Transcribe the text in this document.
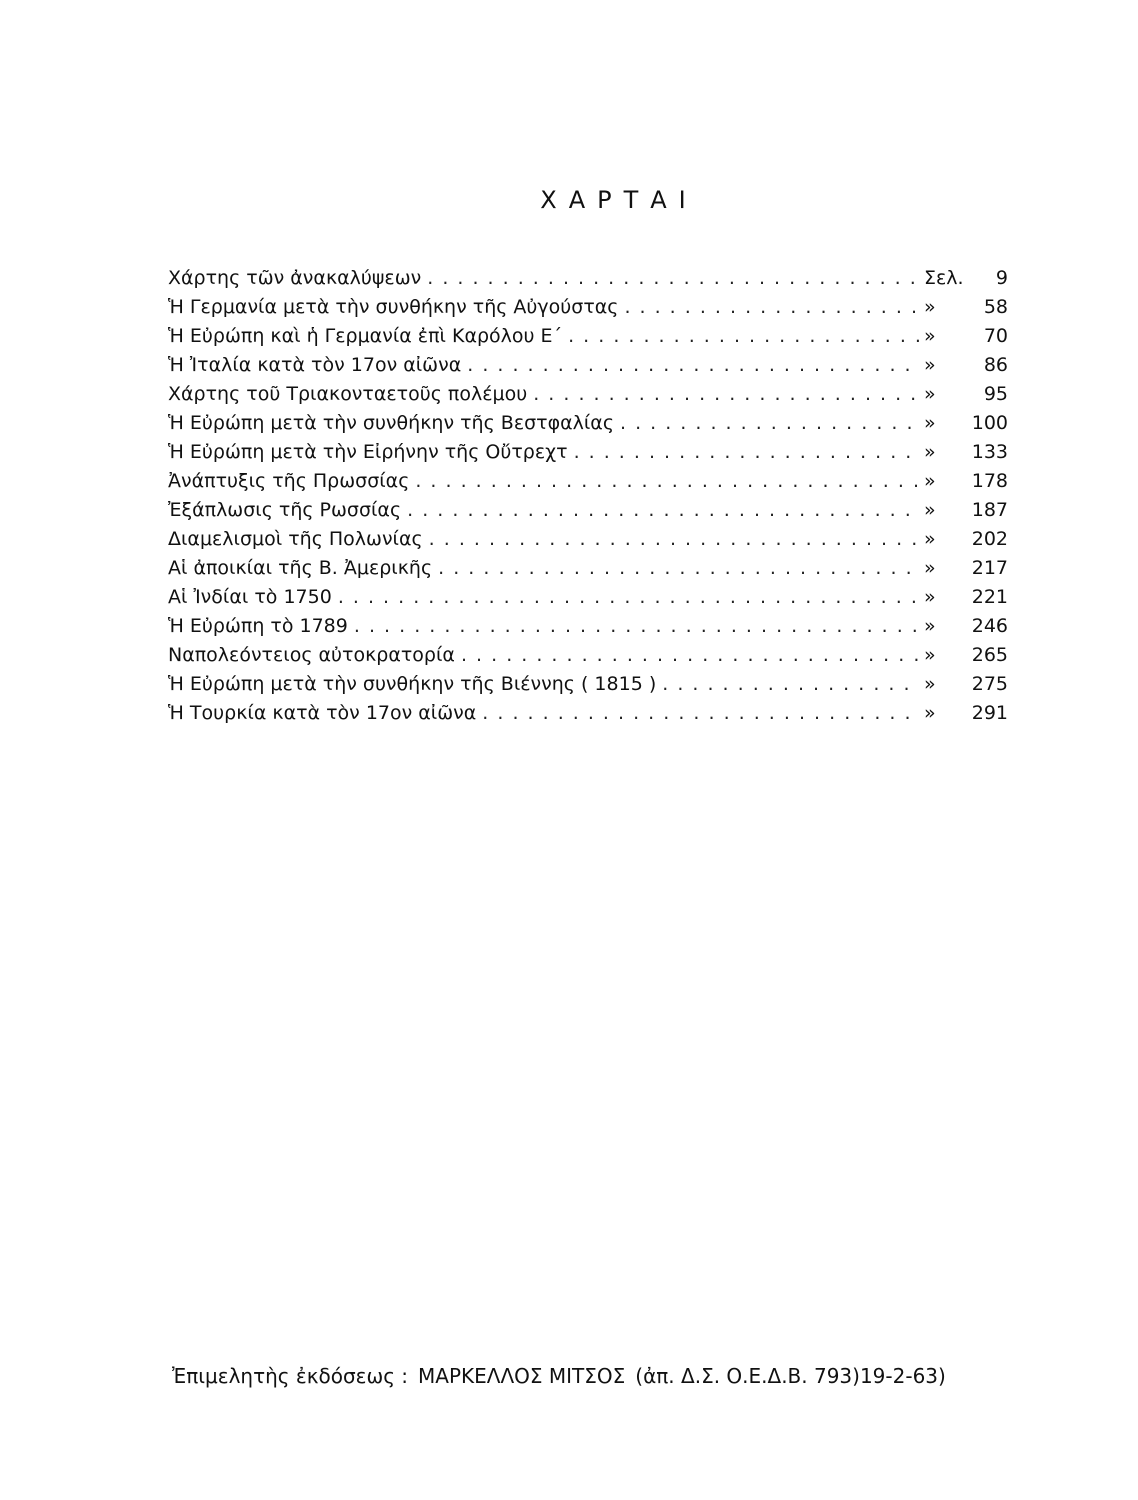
ΧΑΡΤΑΙ
Χάρτης τῶν ἀνακαλύψεων . . .	Σελ.	9
Ἡ Γερμανία μετὰ τὴν συνθήκην τῆς Αὐγούστας . . .	»	58
Ἡ Εὐρώπη καὶ ἡ Γερμανία ἐπὶ Καρόλου Ε΄ . . .	»	70
Ἡ Ἰταλία κατὰ τὸν 17ον αἰῶνα . . .	»	86
Χάρτης τοῦ Τριακονταετοῦς πολέμου . . .	»	95
Ἡ Εὐρώπη μετὰ τὴν συνθήκην τῆς Βεστφαλίας . . .	»	100
Ἡ Εὐρώπη μετὰ τὴν Εἰρήνην τῆς Οὔτρεχτ . . .	»	133
Ἀνάπτυξις τῆς Πρωσσίας . . .	»	178
Ἐξάπλωσις τῆς Ρωσσίας . . .	»	187
Διαμελισμοὶ τῆς Πολωνίας . . .	»	202
Αἱ ἀποικίαι τῆς Β. Ἀμερικῆς . . .	»	217
Αἱ Ἰνδίαι τὸ 1750 . . .	»	221
Ἡ Εὐρώπη τὸ 1789 . . .	»	246
Ναπολεόντειος αὐτοκρατορία . . .	»	265
Ἡ Εὐρώπη μετὰ τὴν συνθήκην τῆς Βιέννης ( 1815 ) . . .	»	275
Ἡ Τουρκία κατὰ τὸν 17ον αἰῶνα . . .	»	291
Ἐπιμελητὴς ἐκδόσεως : ΜΑΡΚΕΛΛΟΣ ΜΙΤΣΟΣ (ἀπ. Δ.Σ. Ο.Ε.Δ.Β. 793)19-2-63)
